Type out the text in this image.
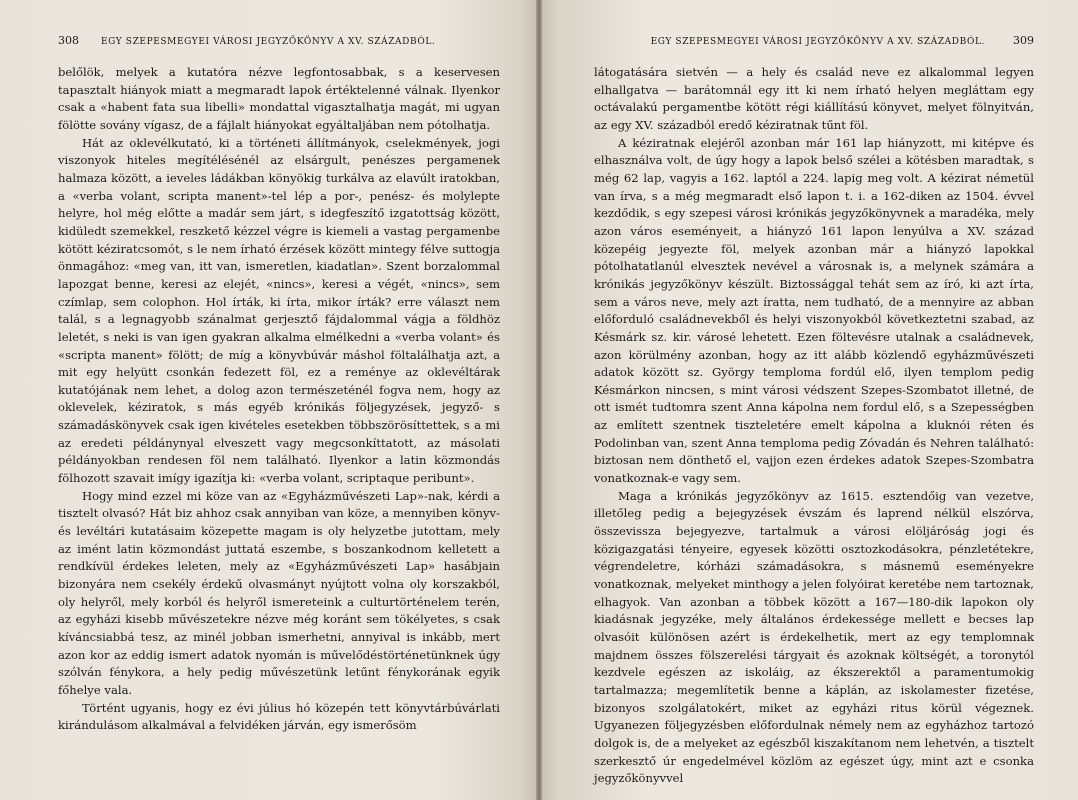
308 EGY SZEPESMEGYEI VÁROSI JEGYZŐKÖNYV A XV. SZÁZADBÓL.

belőlök, melyek a kutatóra nézve legfontosabbak, s a keservesen tapasztalt hiányok miatt a megmaradt lapok értéktelenné válnak. Ilyenkor csak a «habent fata sua libelli» mondattal vigasztalhatja magát, mi ugyan fölötte sovány vígasz, de a fájlalt hiányokat egyáltaljában nem pótolhatja.

Hát az oklevélkutató, ki a történeti állítmányok, cselekmények, jogi viszonyok hiteles megítélésénél az elsárgult, penészes pergamenek halmaza között, a ieveles ládákban könyökig turkálva az elavúlt iratokban, a «verba volant, scripta manent»-tel lép a por-, penész- és molylepte helyre, hol még előtte a madár sem járt, s idegfeszítő izgatottság között, kidüledt szemekkel, reszkető kézzel végre is kiemeli a vastag pergamenbe kötött kéziratcsomót, s le nem írható érzések között mintegy félve suttogja önmagához: «meg van, itt van, ismeretlen, kiadatlan». Szent borzalommal lapozgat benne, keresi az elejét, «nincs», keresi a végét, «nincs», sem czímlap, sem colophon. Hol írták, ki írta, mikor írták? erre választ nem talál, s a legnagyobb szánalmat gerjesztő fájdalommal vágja a földhöz leletét, s neki is van igen gyakran alkalma elmélkedni a «verba volant» és «scripta manent» fölött; de míg a könyvbúvár máshol föltalálhatja azt, a mit egy helyütt csonkán fedezett föl, ez a reménye az oklevéltárak kutatójának nem lehet, a dolog azon természeténél fogva nem, hogy az oklevelek, kéziratok, s más egyéb krónikás följegyzések, jegyző- s számadáskönyvek csak igen kivételes esetekben többszörösíttettek, s a mi az eredeti példánynyal elveszett vagy megcsonkíttatott, az másolati példányokban rendesen föl nem található. Ilyenkor a latin közmondás fölhozott szavait imígy igazítja ki: «verba volant, scriptaque peribunt».

Hogy mind ezzel mi köze van az «Egyházművészeti Lap»-nak, kérdi a tisztelt olvasó? Hát biz ahhoz csak annyiban van köze, a mennyiben könyv- és levéltári kutatásaim közepette magam is oly helyzetbe jutottam, mely az imént latin közmondást juttatá eszembe, s boszankodnom kelletett a rendkívül érdekes leleten, mely az «Egyházművészeti Lap» hasábjain bizonyára nem csekély érdekű olvasmányt nyújtott volna oly korszakból, oly helyről, mely korból és helyről ismereteink a culturtörténelem terén, az egyházi kisebb művészetekre nézve még koránt sem tökélyetes, s csak kíváncsiabbá tesz, az minél jobban ismerhetni, annyival is inkább, mert azon kor az eddig ismert adatok nyomán is művelődéstörténetünknek úgy szólván fénykora, a hely pedig művészetünk letűnt fénykorának egyik főhelye vala.

Történt ugyanis, hogy ez évi július hó közepén tett könyvtárbúvárlati kirándulásom alkalmával a felvidéken járván, egy ismerősöm

EGY SZEPESMEGYEI VÁROSI JEGYZŐKÖNYV A XV. SZÁZADBÓL.	309

látogatására sietvén — a hely és család neve ez alkalommal legyen elhallgatva — barátomnál egy itt ki nem írható helyen megláttam egy octávalakú pergamentbe kötött régi kiállítású könyvet, melyet fölnyitván, az egy XV. századból eredő kéziratnak tűnt föl.

A kéziratnak elejéről azonban már 161 lap hiányzott, mi kitépve és elhasználva volt, de úgy hogy a lapok belső szélei a kötésben maradtak, s még 62 lap, vagyis a 162. laptól a 224. lapig meg volt. A kézirat németül van írva, s a még megmaradt első lapon t. i. a 162-diken az 1504. évvel kezdődik, s egy szepesi városi krónikás jegyzőkönyvnek a maradéka, mely azon város eseményeit, a hiányzó 161 lapon lenyúlva a XV. század közepéig jegyezte föl, melyek azonban már a hiányzó lapokkal pótolhatatlanúl elvesztek nevével a városnak is, a melynek számára a krónikás jegyzőkönyv készült. Biztossággal tehát sem az író, ki azt írta, sem a város neve, mely azt íratta, nem tudható, de a mennyire az abban előforduló családnevekből és helyi viszonyokból következtetni szabad, az Késmárk sz. kir. városé lehetett. Ezen föltevésre utalnak a családnevek, azon körülmény azonban, hogy az itt alább közlendő egyházművészeti adatok között sz. György temploma fordúl elő, ilyen templom pedig Késmárkon nincsen, s mint városi védszent Szepes-Szombatot illetné, de ott ismét tudtomra szent Anna kápolna nem fordul elő, s a Szepességben az említett szentnek tiszteletére emelt kápolna a kluknói réten és Podolinban van, szent Anna temploma pedig Zóvadán és Nehren található: biztosan nem dönthető el, vajjon ezen érdekes adatok Szepes-Szombatra vonatkoznak-e vagy sem.

Maga a krónikás jegyzőkönyv az 1615. esztendőig van vezetve, illetőleg pedig a bejegyzések évszám és laprend nélkül elszórva, összevissza bejegyezve, tartalmuk a városi elöljáróság jogi és közigazgatási tényeire, egyesek közötti osztozkodásokra, pénzletétekre, végrendeletre, kórházi számadásokra, s másnemű eseményekre vonatkoznak, melyeket minthogy a jelen folyóirat keretébe nem tartoznak, elhagyok. Van azonban a többek között a 167—180-dik lapokon oly kiadásnak jegyzéke, mely általános érdekessége mellett e becses lap olvasóit különösen azért is érdekelhetik, mert az egy templomnak majdnem összes fölszerelési tárgyait és azoknak költségét, a toronytól kezdvele egészen az iskoláig, az ékszerektől a paramentumokig tartalmazza; megemlítetik benne a káplán, az iskolamester fizetése, bizonyos szolgálatokért, miket az egyházi ritus körül végeznek. Ugyanezen följegyzésben előfordulnak némely nem az egyházhoz tartozó dolgok is, de a melyeket az egészből kiszakítanom nem lehetvén, a tisztelt szerkesztő úr engedelmével közlöm az egészet úgy, mint azt e csonka jegyzőkönyvvel
